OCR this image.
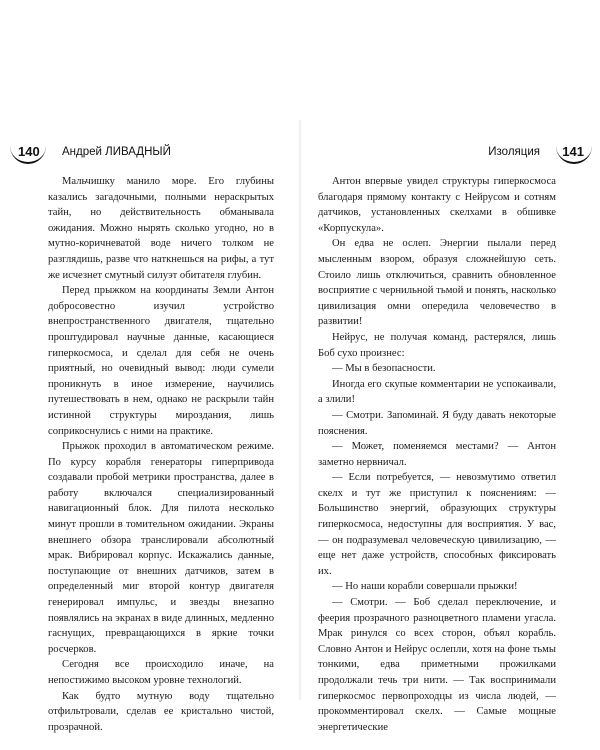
140 Андрей ЛИВАДНЫЙ

Мальчишку манило море. Его глубины казались загадочными, полными нераскрытых тайн, но действительность обманывала ожидания. Можно нырять сколько угодно, но в мутно-коричневатой воде ничего толком не разглядишь, разве что наткнешься на рифы, а тут же исчезнет смутный силуэт обитателя глубин.

Перед прыжком на координаты Земли Антон добросовестно изучил устройство внепространственного двигателя, тщательно проштудировал научные данные, касающиеся гиперкосмоса, и сделал для себя не очень приятный, но очевидный вывод: люди сумели проникнуть в иное измерение, научились путешествовать в нем, однако не раскрыли тайн истинной структуры мироздания, лишь соприкоснулись с ними на практике.

Прыжок проходил в автоматическом режиме. По курсу корабля генераторы гиперпривода создавали пробой метрики пространства, далее в работу включался специализированный навигационный блок. Для пилота несколько минут прошли в томительном ожидании. Экраны внешнего обзора транслировали абсолютный мрак. Вибрировал корпус. Искажались данные, поступающие от внешних датчиков, затем в определенный миг второй контур двигателя генерировал импульс, и звезды внезапно появлялись на экранах в виде длинных, медленно гаснущих, превращающихся в яркие точки росчерков.

Сегодня все происходило иначе, на непостижимо высоком уровне технологий.

Как будто мутную воду тщательно отфильтровали, сделав ее кристально чистой, прозрачной.

Изоляция 141

Антон впервые увидел структуры гиперкосмоса благодаря прямому контакту с Нейрусом и сотням датчиков, установленных скелхами в обшивке «Корпускула».

Он едва не ослеп. Энергии пылали перед мысленным взором, образуя сложнейшую сеть. Стоило лишь отключиться, сравнить обновленное восприятие с чернильной тьмой и понять, насколько цивилизация омни опередила человечество в развитии!

Нейрус, не получая команд, растерялся, лишь Боб сухо произнес:

— Мы в безопасности.

Иногда его скупые комментарии не успокаивали, а злили!

— Смотри. Запоминай. Я буду давать некоторые пояснения.

— Может, поменяемся местами? — Антон заметно нервничал.

— Если потребуется, — невозмутимо ответил скелх и тут же приступил к пояснениям: — Большинство энергий, образующих структуры гиперкосмоса, недоступны для восприятия. У вас, — он подразумевал человеческую цивилизацию, — еще нет даже устройств, способных фиксировать их.

— Но наши корабли совершали прыжки!

— Смотри. — Боб сделал переключение, и феерия прозрачного разноцветного пламени угасла. Мрак ринулся со всех сторон, объял корабль. Словно Антон и Нейрус ослепли, хотя на фоне тьмы тонкими, едва приметными прожилками продолжали течь три нити. — Так воспринимали гиперкосмос первопроходцы из числа людей, — прокомментировал скелх. — Самые мощные энергетические
